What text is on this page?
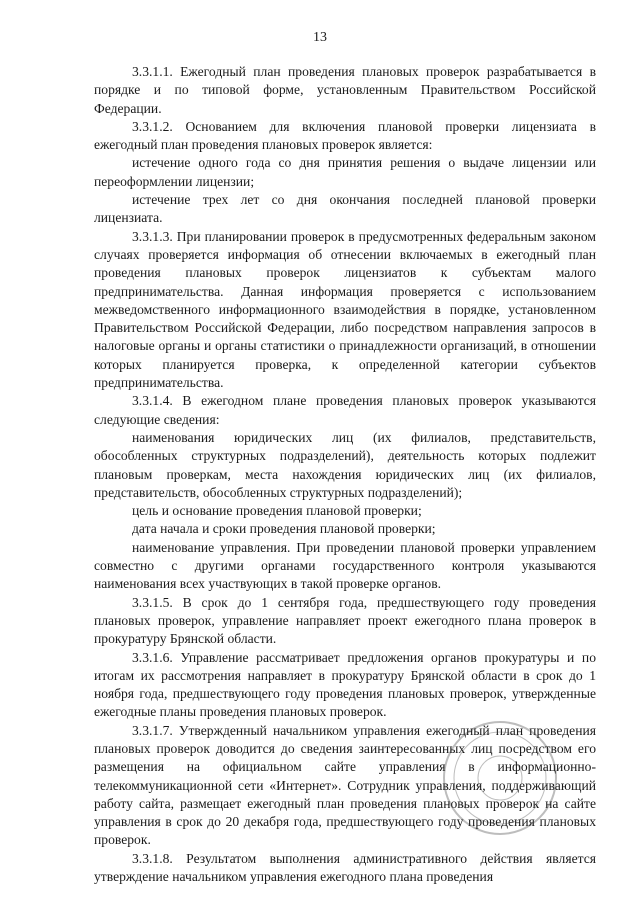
13

3.3.1.1. Ежегодный план проведения плановых проверок разрабатывается в порядке и по типовой форме, установленным Правительством Российской Федерации.

3.3.1.2. Основанием для включения плановой проверки лицензиата в ежегодный план проведения плановых проверок является:

истечение одного года со дня принятия решения о выдаче лицензии или переоформлении лицензии;

истечение трех лет со дня окончания последней плановой проверки лицензиата.

3.3.1.3. При планировании проверок в предусмотренных федеральным законом случаях проверяется информация об отнесении включаемых в ежегодный план проведения плановых проверок лицензиатов к субъектам малого предпринимательства. Данная информация проверяется с использованием межведомственного информационного взаимодействия в порядке, установленном Правительством Российской Федерации, либо посредством направления запросов в налоговые органы и органы статистики о принадлежности организаций, в отношении которых планируется проверка, к определенной категории субъектов предпринимательства.

3.3.1.4. В ежегодном плане проведения плановых проверок указываются следующие сведения:

наименования юридических лиц (их филиалов, представительств, обособленных структурных подразделений), деятельность которых подлежит плановым проверкам, места нахождения юридических лиц (их филиалов, представительств, обособленных структурных подразделений);

цель и основание проведения плановой проверки;

дата начала и сроки проведения плановой проверки;

наименование управления. При проведении плановой проверки управлением совместно с другими органами государственного контроля указываются наименования всех участвующих в такой проверке органов.

3.3.1.5. В срок до 1 сентября года, предшествующего году проведения плановых проверок, управление направляет проект ежегодного плана проверок в прокуратуру Брянской области.

3.3.1.6. Управление рассматривает предложения органов прокуратуры и по итогам их рассмотрения направляет в прокуратуру Брянской области в срок до 1 ноября года, предшествующего году проведения плановых проверок, утвержденные ежегодные планы проведения плановых проверок.

3.3.1.7. Утвержденный начальником управления ежегодный план проведения плановых проверок доводится до сведения заинтересованных лиц посредством его размещения на официальном сайте управления в информационно-телекоммуникационной сети «Интернет». Сотрудник управления, поддерживающий работу сайта, размещает ежегодный план проведения плановых проверок на сайте управления в срок до 20 декабря года, предшествующего году проведения плановых проверок.

3.3.1.8. Результатом выполнения административного действия является утверждение начальником управления ежегодного плана проведения
